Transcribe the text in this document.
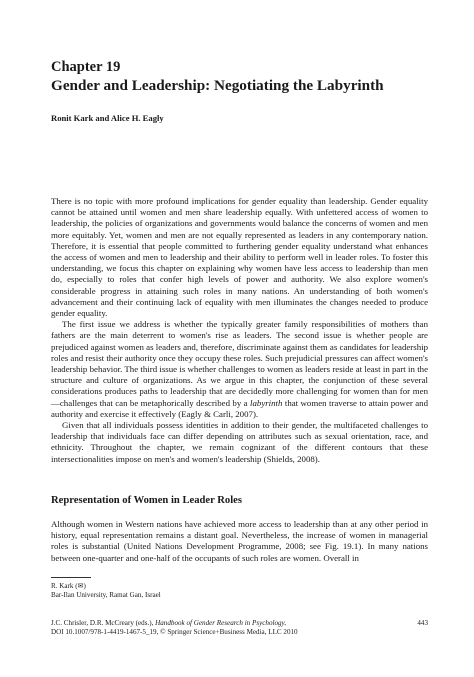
Chapter 19
Gender and Leadership: Negotiating the Labyrinth
Ronit Kark and Alice H. Eagly

There is no topic with more profound implications for gender equality than leadership. Gender equality cannot be attained until women and men share leadership equally. With unfettered access of women to leadership, the policies of organizations and governments would balance the concerns of women and men more equitably. Yet, women and men are not equally represented as leaders in any contemporary nation. Therefore, it is essential that people committed to furthering gender equality understand what enhances the access of women and men to leadership and their ability to perform well in leader roles. To foster this understanding, we focus this chapter on explaining why women have less access to leadership than men do, especially to roles that confer high levels of power and authority. We also explore women's considerable progress in attaining such roles in many nations. An understanding of both women's advancement and their continuing lack of equality with men illuminates the changes needed to produce gender equality.

The first issue we address is whether the typically greater family responsibilities of mothers than fathers are the main deterrent to women's rise as leaders. The second issue is whether people are prejudiced against women as leaders and, therefore, discriminate against them as candidates for leadership roles and resist their authority once they occupy these roles. Such prejudicial pressures can affect women's leadership behavior. The third issue is whether challenges to women as leaders reside at least in part in the structure and culture of organizations. As we argue in this chapter, the conjunction of these several considerations produces paths to leadership that are decidedly more challenging for women than for men—challenges that can be metaphorically described by a labyrinth that women traverse to attain power and authority and exercise it effectively (Eagly & Carli, 2007).

Given that all individuals possess identities in addition to their gender, the multifaceted challenges to leadership that individuals face can differ depending on attributes such as sexual orientation, race, and ethnicity. Throughout the chapter, we remain cognizant of the different contours that these intersectionalities impose on men's and women's leadership (Shields, 2008).

Representation of Women in Leader Roles

Although women in Western nations have achieved more access to leadership than at any other period in history, equal representation remains a distant goal. Nevertheless, the increase of women in managerial roles is substantial (United Nations Development Programme, 2008; see Fig. 19.1). In many nations between one-quarter and one-half of the occupants of such roles are women. Overall in

R. Kark (✉)
Bar-Ilan University, Ramat Gan, Israel
J.C. Chrisler, D.R. McCreary (eds.), Handbook of Gender Research in Psychology,
DOI 10.1007/978-1-4419-1467-5_19, © Springer Science+Business Media, LLC 2010
443
